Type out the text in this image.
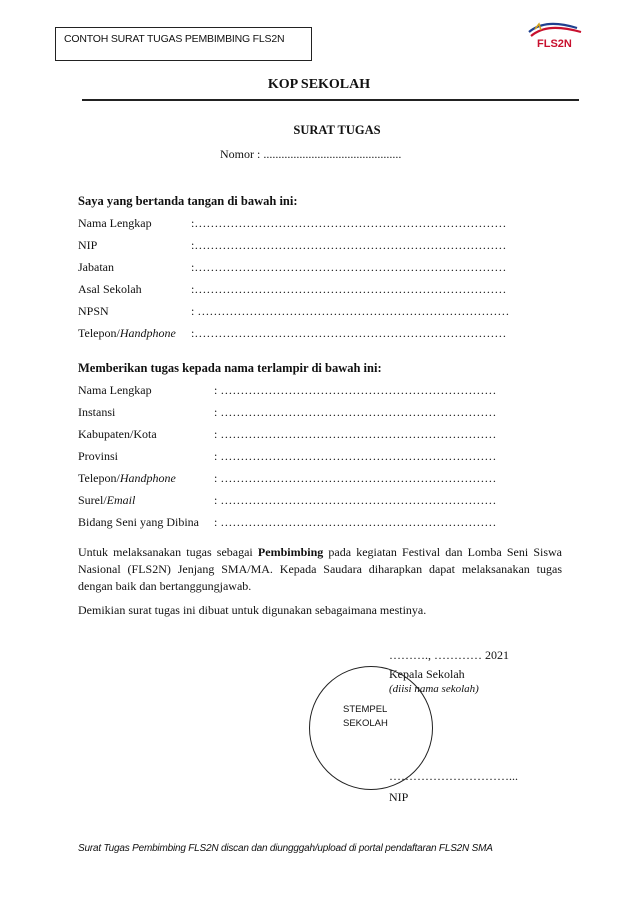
CONTOH SURAT TUGAS PEMBIMBING FLS2N	FLS2N
KOP SEKOLAH
SURAT TUGAS
Nomor : ..............................................
Saya yang bertanda tangan di bawah ini:
Nama Lengkap	:……………………………………………………………………
NIP	:……………………………………………………………………
Jabatan	:……………………………………………………………………
Asal Sekolah	:……………………………………………………………………
NPSN	: ……………………………………………………………………
Telepon/Handphone :……………………………………………………………………
Memberikan tugas kepada nama terlampir di bawah ini:
Nama Lengkap	: ……………………………………………………………
Instansi	: ……………………………………………………………
Kabupaten/Kota	: ……………………………………………………………
Provinsi	: ……………………………………………………………
Telepon/Handphone	: ……………………………………………………………
Surel/Email	: ……………………………………………………………
Bidang Seni yang Dibina : ……………………………………………………………
Untuk melaksanakan tugas sebagai Pembimbing pada kegiatan Festival dan Lomba Seni Siswa Nasional (FLS2N) Jenjang SMA/MA. Kepada Saudara diharapkan dapat melaksanakan tugas dengan baik dan bertanggungjawab.
Demikian surat tugas ini dibuat untuk digunakan sebagaimana mestinya.
………., ………… 2021
Kepala Sekolah
(diisi nama sekolah)
STEMPEL
SEKOLAH
…………………………...
NIP
Surat Tugas Pembimbing FLS2N discan dan diungggah/upload di portal pendaftaran FLS2N SMA
